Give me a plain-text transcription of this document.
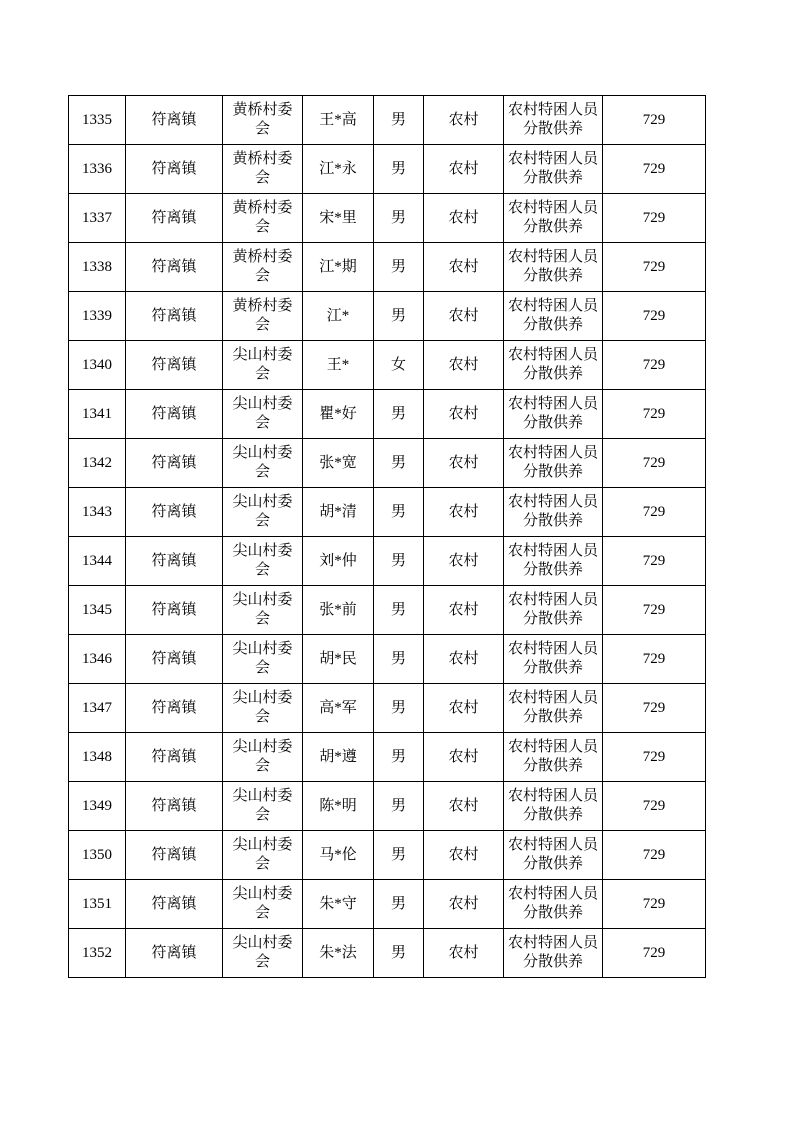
1335	符离镇	黄桥村委会	王*高	男	农村	农村特困人员分散供养	729
1336	符离镇	黄桥村委会	江*永	男	农村	农村特困人员分散供养	729
1337	符离镇	黄桥村委会	宋*里	男	农村	农村特困人员分散供养	729
1338	符离镇	黄桥村委会	江*期	男	农村	农村特困人员分散供养	729
1339	符离镇	黄桥村委会	江*	男	农村	农村特困人员分散供养	729
1340	符离镇	尖山村委会	王*	女	农村	农村特困人员分散供养	729
1341	符离镇	尖山村委会	瞿*好	男	农村	农村特困人员分散供养	729
1342	符离镇	尖山村委会	张*宽	男	农村	农村特困人员分散供养	729
1343	符离镇	尖山村委会	胡*清	男	农村	农村特困人员分散供养	729
1344	符离镇	尖山村委会	刘*仲	男	农村	农村特困人员分散供养	729
1345	符离镇	尖山村委会	张*前	男	农村	农村特困人员分散供养	729
1346	符离镇	尖山村委会	胡*民	男	农村	农村特困人员分散供养	729
1347	符离镇	尖山村委会	高*军	男	农村	农村特困人员分散供养	729
1348	符离镇	尖山村委会	胡*遵	男	农村	农村特困人员分散供养	729
1349	符离镇	尖山村委会	陈*明	男	农村	农村特困人员分散供养	729
1350	符离镇	尖山村委会	马*伦	男	农村	农村特困人员分散供养	729
1351	符离镇	尖山村委会	朱*守	男	农村	农村特困人员分散供养	729
1352	符离镇	尖山村委会	朱*法	男	农村	农村特困人员分散供养	729
